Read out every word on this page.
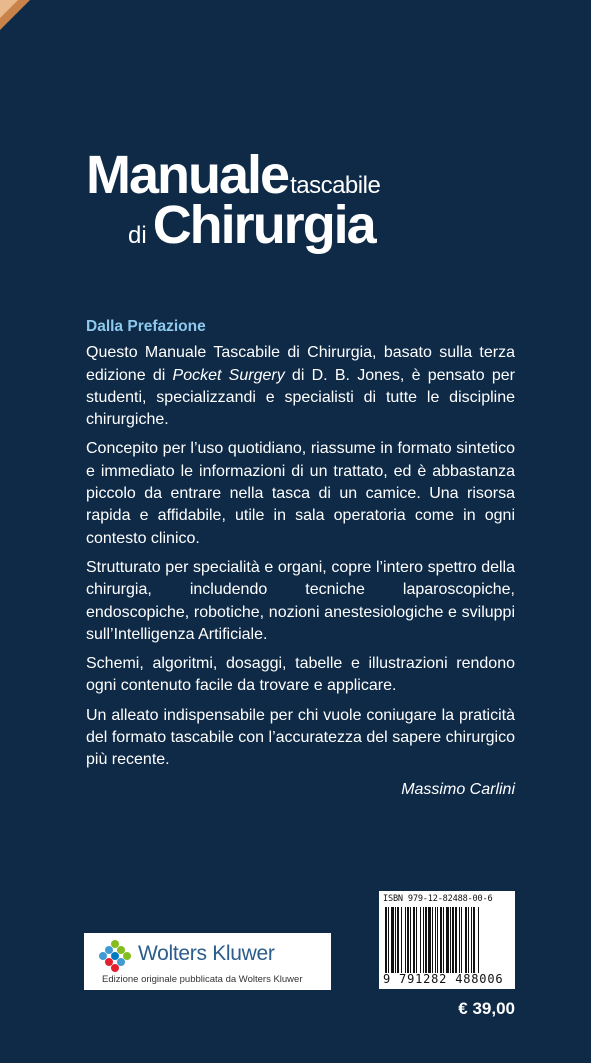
Manualetascabile
di Chirurgia

Dalla Prefazione

Questo Manuale Tascabile di Chirurgia, basato sulla terza edizione di Pocket Surgery di D. B. Jones, è pensato per studenti, specializzandi e specialisti di tutte le discipline chirurgiche.

Concepito per l’uso quotidiano, riassume in formato sintetico e immediato le informazioni di un trattato, ed è abbastanza piccolo da entrare nella tasca di un camice. Una risorsa rapida e affidabile, utile in sala operatoria come in ogni contesto clinico.

Strutturato per specialità e organi, copre l’intero spettro della chirurgia, includendo tecniche laparoscopiche, endoscopiche, robotiche, nozioni anestesiologiche e sviluppi sull’Intelligenza Artificiale.

Schemi, algoritmi, dosaggi, tabelle e illustrazioni rendono ogni contenuto facile da trovare e applicare.

Un alleato indispensabile per chi vuole coniugare la praticità del formato tascabile con l’accuratezza del sapere chirurgico più recente.

Massimo Carlini
Wolters Kluwer
Edizione originale pubblicata da Wolters Kluwer
ISBN 979-12-82488-00-6
9 791282 488006
€ 39,00
